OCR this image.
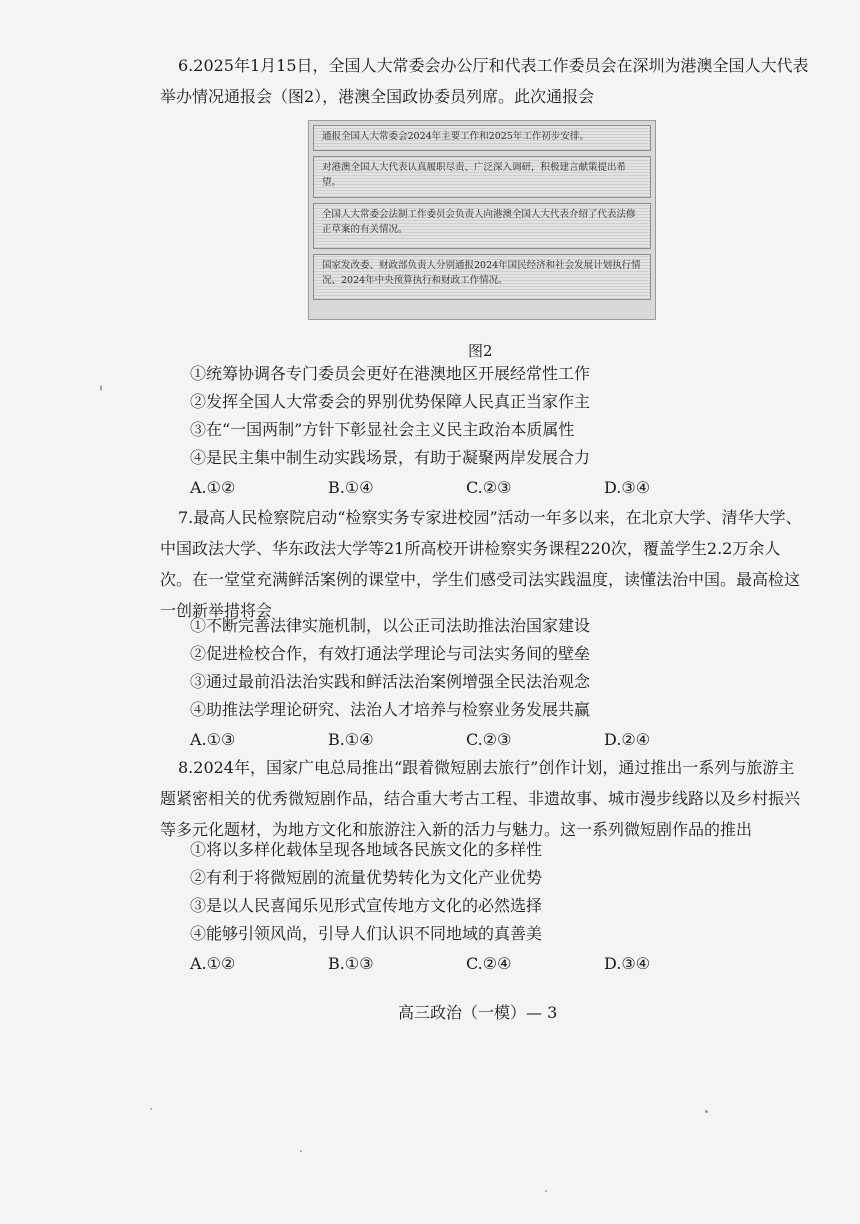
6.2025年1月15日，全国人大常委会办公厅和代表工作委员会在深圳为港澳全国人大代表举办情况通报会（图2），港澳全国政协委员列席。此次通报会
通报全国人大常委会2024年主要工作和2025年工作初步安排。
对港澳全国人大代表认真履职尽责、广泛深入调研，积极建言献策提出希望。
全国人大常委会法制工作委员会负责人向港澳全国人大代表介绍了代表法修正草案的有关情况。
国家发改委、财政部负责人分别通报2024年国民经济和社会发展计划执行情况、2024年中央预算执行和财政工作情况。
图2
①统筹协调各专门委员会更好在港澳地区开展经常性工作
②发挥全国人大常委会的界别优势保障人民真正当家作主
③在“一国两制”方针下彰显社会主义民主政治本质属性
④是民主集中制生动实践场景，有助于凝聚两岸发展合力
A.①②	B.①④	C.②③	D.③④
7.最高人民检察院启动“检察实务专家进校园”活动一年多以来，在北京大学、清华大学、中国政法大学、华东政法大学等21所高校开讲检察实务课程220次，覆盖学生2.2万余人次。在一堂堂充满鲜活案例的课堂中，学生们感受司法实践温度，读懂法治中国。最高检这一创新举措将会
①不断完善法律实施机制，以公正司法助推法治国家建设
②促进检校合作，有效打通法学理论与司法实务间的壁垒
③通过最前沿法治实践和鲜活法治案例增强全民法治观念
④助推法学理论研究、法治人才培养与检察业务发展共赢
A.①③	B.①④	C.②③	D.②④
8.2024年，国家广电总局推出“跟着微短剧去旅行”创作计划，通过推出一系列与旅游主题紧密相关的优秀微短剧作品，结合重大考古工程、非遗故事、城市漫步线路以及乡村振兴等多元化题材，为地方文化和旅游注入新的活力与魅力。这一系列微短剧作品的推出
①将以多样化载体呈现各地域各民族文化的多样性
②有利于将微短剧的流量优势转化为文化产业优势
③是以人民喜闻乐见形式宣传地方文化的必然选择
④能够引领风尚，引导人们认识不同地域的真善美
A.①②	B.①③	C.②④	D.③④
高三政治（一模）— 3
